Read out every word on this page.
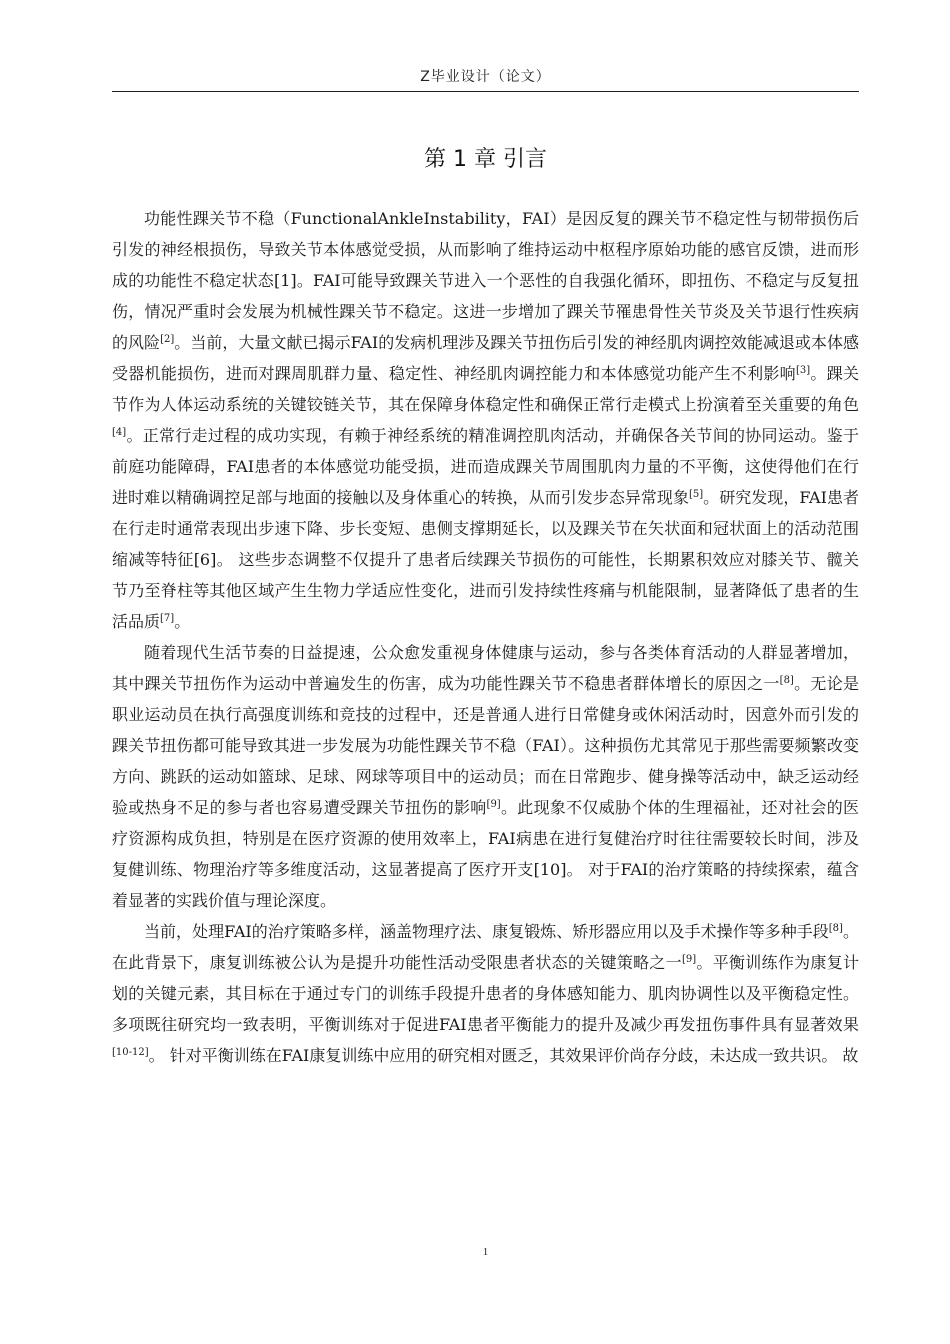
Z毕业设计（论文）
第 1 章 引言

功能性踝关节不稳（FunctionalAnkleInstability，FAI）是因反复的踝关节不稳定性与韧带损伤后引发的神经根损伤，导致关节本体感觉受损，从而影响了维持运动中枢程序原始功能的感官反馈，进而形成的功能性不稳定状态[1]。FAI可能导致踝关节进入一个恶性的自我强化循环，即扭伤、不稳定与反复扭伤，情况严重时会发展为机械性踝关节不稳定。这进一步增加了踝关节罹患骨性关节炎及关节退行性疾病的风险[2]。当前，大量文献已揭示FAI的发病机理涉及踝关节扭伤后引发的神经肌肉调控效能减退或本体感受器机能损伤，进而对踝周肌群力量、稳定性、神经肌肉调控能力和本体感觉功能产生不利影响[3]。踝关节作为人体运动系统的关键铰链关节，其在保障身体稳定性和确保正常行走模式上扮演着至关重要的角色[4]。正常行走过程的成功实现，有赖于神经系统的精准调控肌肉活动，并确保各关节间的协同运动。鉴于前庭功能障碍，FAI患者的本体感觉功能受损，进而造成踝关节周围肌肉力量的不平衡，这使得他们在行进时难以精确调控足部与地面的接触以及身体重心的转换，从而引发步态异常现象[5]。研究发现，FAI患者在行走时通常表现出步速下降、步长变短、患侧支撑期延长，以及踝关节在矢状面和冠状面上的活动范围缩减等特征[6]。 这些步态调整不仅提升了患者后续踝关节损伤的可能性，长期累积效应对膝关节、髋关节乃至脊柱等其他区域产生生物力学适应性变化，进而引发持续性疼痛与机能限制，显著降低了患者的生活品质[7]。

随着现代生活节奏的日益提速，公众愈发重视身体健康与运动，参与各类体育活动的人群显著增加，其中踝关节扭伤作为运动中普遍发生的伤害，成为功能性踝关节不稳患者群体增长的原因之一[8]。无论是职业运动员在执行高强度训练和竞技的过程中，还是普通人进行日常健身或休闲活动时，因意外而引发的踝关节扭伤都可能导致其进一步发展为功能性踝关节不稳（FAI）。这种损伤尤其常见于那些需要频繁改变方向、跳跃的运动如篮球、足球、网球等项目中的运动员；而在日常跑步、健身操等活动中，缺乏运动经验或热身不足的参与者也容易遭受踝关节扭伤的影响[9]。此现象不仅威胁个体的生理福祉，还对社会的医疗资源构成负担，特别是在医疗资源的使用效率上，FAI病患在进行复健治疗时往往需要较长时间，涉及复健训练、物理治疗等多维度活动，这显著提高了医疗开支[10]。 对于FAI的治疗策略的持续探索，蕴含着显著的实践价值与理论深度。

当前，处理FAI的治疗策略多样，涵盖物理疗法、康复锻炼、矫形器应用以及手术操作等多种手段[8]。在此背景下，康复训练被公认为是提升功能性活动受限患者状态的关键策略之一[9]。平衡训练作为康复计划的关键元素，其目标在于通过专门的训练手段提升患者的身体感知能力、肌肉协调性以及平衡稳定性。 多项既往研究均一致表明，平衡训练对于促进FAI患者平衡能力的提升及减少再发扭伤事件具有显著效果[10-12]。 针对平衡训练在FAI康复训练中应用的研究相对匮乏，其效果评价尚存分歧，未达成一致共识。 故

1
